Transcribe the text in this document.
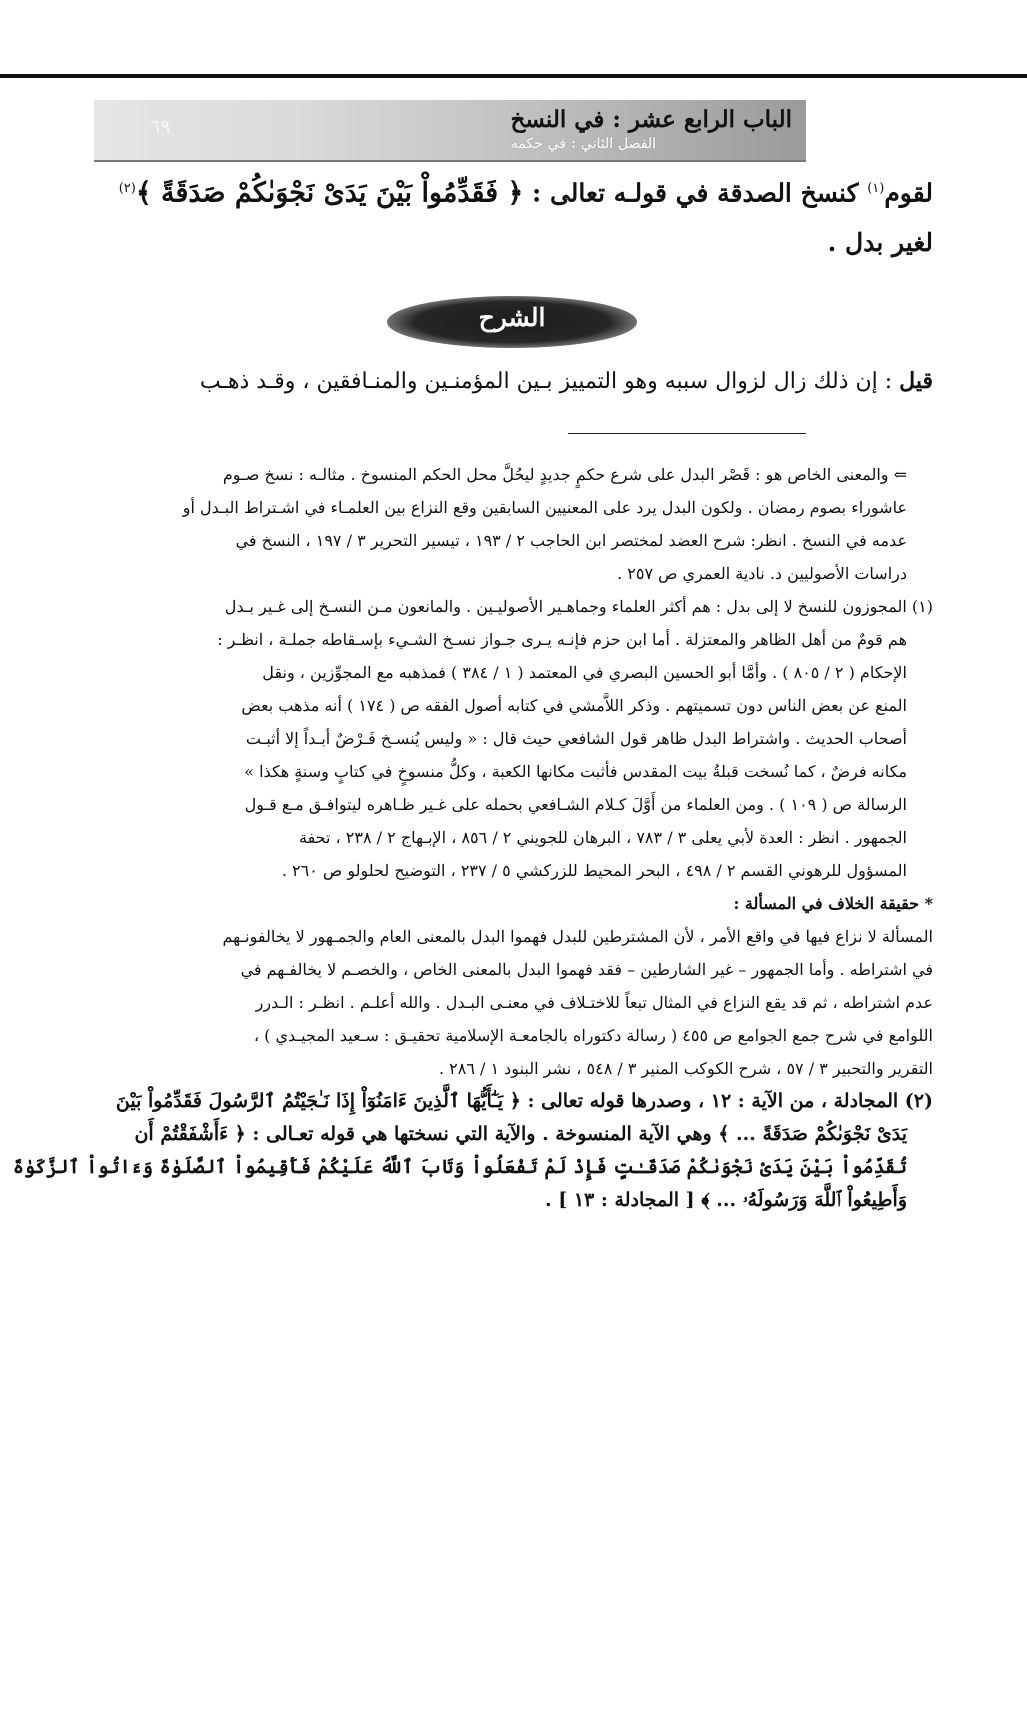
الباب الرابع عشر : في النسخ
الفصل الثاني : في حكمه
٦٩
لقوم$^{(١)}$ كنسخ الصدقة في قولـه تعالى : ﴿ فَقَدِّمُواْ بَيْنَ يَدَىْ نَجْوَىٰكُمْ صَدَقَةً ﴾$^{(٢)}$
لغير بدل .
الشرح
قيل : إن ذلك زال لزوال سببه وهو التمييز بـين المؤمنـين والمنـافقين ، وقـد ذهـب
⇐ والمعنى الخاص هو : قَصْر البدل على شرع حكمٍ جديدٍ ليحُلَّ محل الحكم المنسوخ . مثالـه : نسخ صـوم
عاشوراء بصوم رمضان . ولكون البدل يرد على المعنيين السابقين وقع النزاع بين العلمـاء في اشـتراط البـدل أو
عدمه في النسخ . انظر: شرح العضد لمختصر ابن الحاجب ٢ / ١٩٣ ، تيسير التحرير ٣ / ١٩٧ ، النسخ في
دراسات الأصوليين د. نادية العمري ص ٢٥٧ .
(١) المجوزون للنسخ لا إلى بدل : هم أكثر العلماء وجماهـير الأصوليـين . والمانعون مـن النسـخ إلى غـير بـدل
هم قومٌ من أهل الظاهر والمعتزلة . أما ابن حزم فإنـه يـرى جـواز نسـخ الشـيء بإسـقاطه جملـة ، انظـر :
الإحكام ( ٢ / ٨٠٥ ) . وأمَّا أبو الحسين البصري في المعتمد ( ١ / ٣٨٤ ) فمذهبه مع المجوِّزين ، ونقل
المنع عن بعض الناس دون تسميتهم . وذكر اللاَّمشي في كتابه أصول الفقه ص ( ١٧٤ ) أنه مذهب بعض
أصحاب الحديث . واشتراط البدل ظاهر قول الشافعي حيث قال : « وليس يُنسـخ فَـرْضٌ أبـداً إلا أثبـت
مكانه فرضٌ ، كما نُسخت قبلةُ بيت المقدس فأثبت مكانها الكعبة ، وكلُّ منسوخٍ في كتابٍ وسنةٍ هكذا »
الرسالة ص ( ١٠٩ ) . ومن العلماء من أَوَّلَ كـلام الشـافعي بحمله على غـير ظـاهره ليتوافـق مـع قـول
الجمهور . انظر : العدة لأبي يعلى ٣ / ٧٨٣ ، البرهان للجويني ٢ / ٨٥٦ ، الإبـهاج ٢ / ٢٣٨ ، تحفة
المسؤول للرهوني القسم ٢ / ٤٩٨ ، البحر المحيط للزركشي ٥ / ٢٣٧ ، التوضيح لحلولو ص ٢٦٠ .
* حقيقة الخلاف في المسألة :
المسألة لا نزاع فيها في واقع الأمر ، لأن المشترطين للبدل فهموا البدل بالمعنى العام والجمـهور لا يخالفونـهم
في اشتراطه . وأما الجمهور – غير الشارطين – فقد فهموا البدل بالمعنى الخاص ، والخصـم لا يخالفـهم في
عدم اشتراطه ، ثم قد يقع النزاع في المثال تبعاً للاختـلاف في معنـى البـدل . والله أعلـم . انظـر : الـدرر
اللوامع في شرح جمع الجوامع ص ٤٥٥ ( رسالة دكتوراه بالجامعـة الإسلامية تحقيـق : سـعيد المجيـدي ) ،
التقرير والتحبير ٣ / ٥٧ ، شرح الكوكب المنير ٣ / ٥٤٨ ، نشر البنود ١ / ٢٨٦ .
(٢) المجادلة ، من الآية : ١٢ ، وصدرها قوله تعالى : ﴿ يَـٰٓأَيُّهَا ٱلَّذِينَ ءَامَنُوٓاْ إِذَا نَـٰجَيْتُمُ ٱلرَّسُولَ فَقَدِّمُواْ بَيْنَ
يَدَىْ نَجْوَىٰكُمْ صَدَقَةً ... ﴾ وهي الآية المنسوخة . والآية التي نسختها هي قوله تعـالى : ﴿ ءَأَشْفَقْتُمْ أَن
تُقَدِّمُواْ بَيْنَ يَدَىْ نَجْوَىٰكُمْ صَدَقَـٰتٍ فَإِذْ لَمْ تَفْعَلُواْ وَتَابَ ٱللَّهُ عَلَيْكُمْ فَأَقِيمُواْ ٱلصَّلَوٰةَ وَءَاتُواْ ٱلزَّكَوٰةَ
وَأَطِيعُواْ ٱللَّهَ وَرَسُولَهُۥ ... ﴾ [ المجادلة : ١٣ ] .
